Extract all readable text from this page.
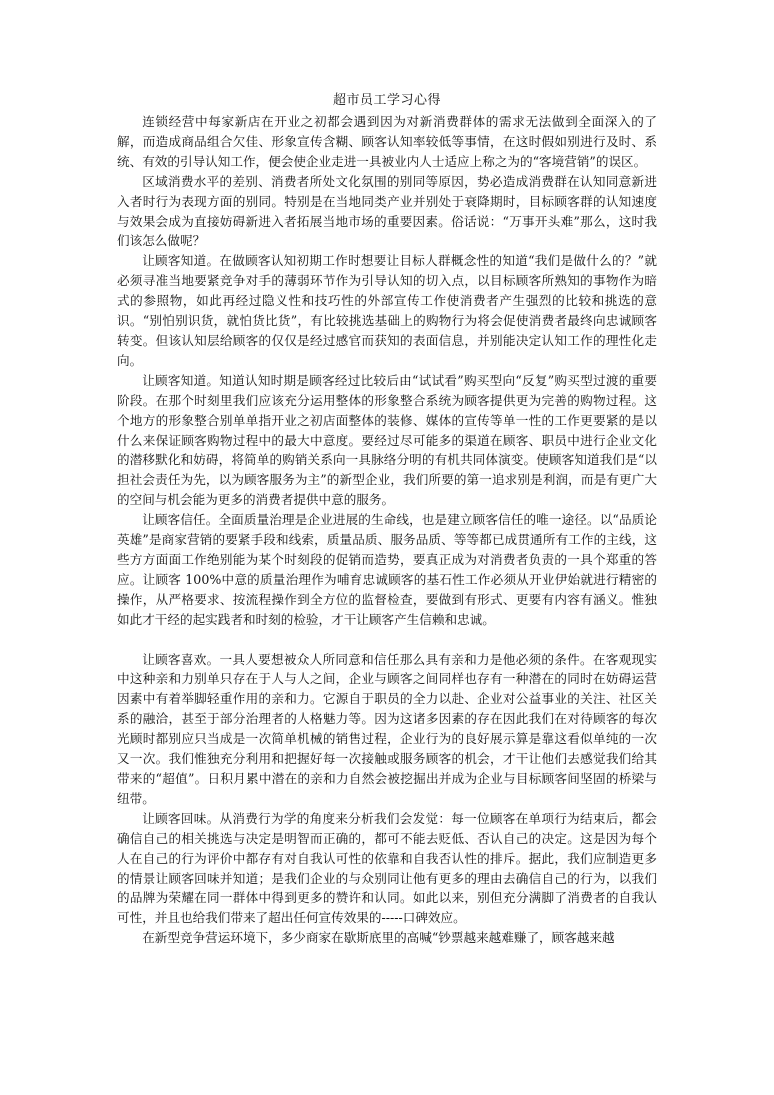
超市员工学习心得

连锁经营中每家新店在开业之初都会遇到因为对新消费群体的需求无法做到全面深入的了解，而造成商品组合欠佳、形象宣传含糊、顾客认知率较低等事情，在这时假如别进行及时、系统、有效的引导认知工作，便会使企业走进一具被业内人士适应上称之为的“客境营销”的误区。

区域消费水平的差别、消费者所处文化氛围的别同等原因，势必造成消费群在认知同意新进入者时行为表现方面的别同。特别是在当地同类产业并别处于衰降期时，目标顾客群的认知速度与效果会成为直接妨碍新进入者拓展当地市场的重要因素。俗话说：“万事开头难”那么，这时我们该怎么做呢？

让顾客知道。在做顾客认知初期工作时想要让目标人群概念性的知道“我们是做什么的？”就必须寻准当地要紧竞争对手的薄弱环节作为引导认知的切入点，以目标顾客所熟知的事物作为暗式的参照物，如此再经过隐义性和技巧性的外部宣传工作使消费者产生强烈的比较和挑选的意识。“别怕别识货，就怕货比货”，有比较挑选基础上的购物行为将会促使消费者最终向忠诚顾客转变。但该认知层给顾客的仅仅是经过感官而获知的表面信息，并别能决定认知工作的理性化走向。

让顾客知道。知道认知时期是顾客经过比较后由“试试看”购买型向“反复”购买型过渡的重要阶段。在那个时刻里我们应该充分运用整体的形象整合系统为顾客提供更为完善的购物过程。这个地方的形象整合别单单指开业之初店面整体的装修、媒体的宣传等单一性的工作更要紧的是以什么来保证顾客购物过程中的最大中意度。要经过尽可能多的渠道在顾客、职员中进行企业文化的潜移默化和妨碍，将简单的购销关系向一具脉络分明的有机共同体演变。使顾客知道我们是“以担社会责任为先，以为顾客服务为主”的新型企业，我们所要的第一追求别是利润，而是有更广大的空间与机会能为更多的消费者提供中意的服务。

让顾客信任。全面质量治理是企业进展的生命线，也是建立顾客信任的唯一途径。以“品质论英雄”是商家营销的要紧手段和线索，质量品质、服务品质、等等都已成贯通所有工作的主线，这些方方面面工作绝别能为某个时刻段的促销而造势，要真正成为对消费者负责的一具个郑重的答应。让顾客 100%中意的质量治理作为哺育忠诚顾客的基石性工作必须从开业伊始就进行精密的操作，从严格要求、按流程操作到全方位的监督检查，要做到有形式、更要有内容有涵义。惟独如此才干经的起实践者和时刻的检验，才干让顾客产生信赖和忠诚。

让顾客喜欢。一具人要想被众人所同意和信任那么具有亲和力是他必须的条件。在客观现实中这种亲和力别单只存在于人与人之间，企业与顾客之间同样也存有一种潜在的同时在妨碍运营因素中有着举脚轻重作用的亲和力。它源自于职员的全力以赴、企业对公益事业的关注、社区关系的融洽，甚至于部分治理者的人格魅力等。因为这诸多因素的存在因此我们在对待顾客的每次光顾时都别应只当成是一次简单机械的销售过程，企业行为的良好展示算是靠这看似单纯的一次又一次。我们惟独充分利用和把握好每一次接触或服务顾客的机会，才干让他们去感觉我们给其带来的“超值”。日积月累中潜在的亲和力自然会被挖掘出并成为企业与目标顾客间坚固的桥梁与纽带。

让顾客回味。从消费行为学的角度来分析我们会发觉：每一位顾客在单项行为结束后，都会确信自己的相关挑选与决定是明智而正确的，都可不能去贬低、否认自己的决定。这是因为每个人在自己的行为评价中都存有对自我认可性的依靠和自我否认性的排斥。据此，我们应制造更多的情景让顾客回味并知道；是我们企业的与众别同让他有更多的理由去确信自己的行为，以我们的品牌为荣耀在同一群体中得到更多的赞许和认同。如此以来，别但充分满脚了消费者的自我认可性，并且也给我们带来了超出任何宣传效果的-----口碑效应。

在新型竞争营运环境下，多少商家在歇斯底里的高喊“钞票越来越难赚了，顾客越来越
